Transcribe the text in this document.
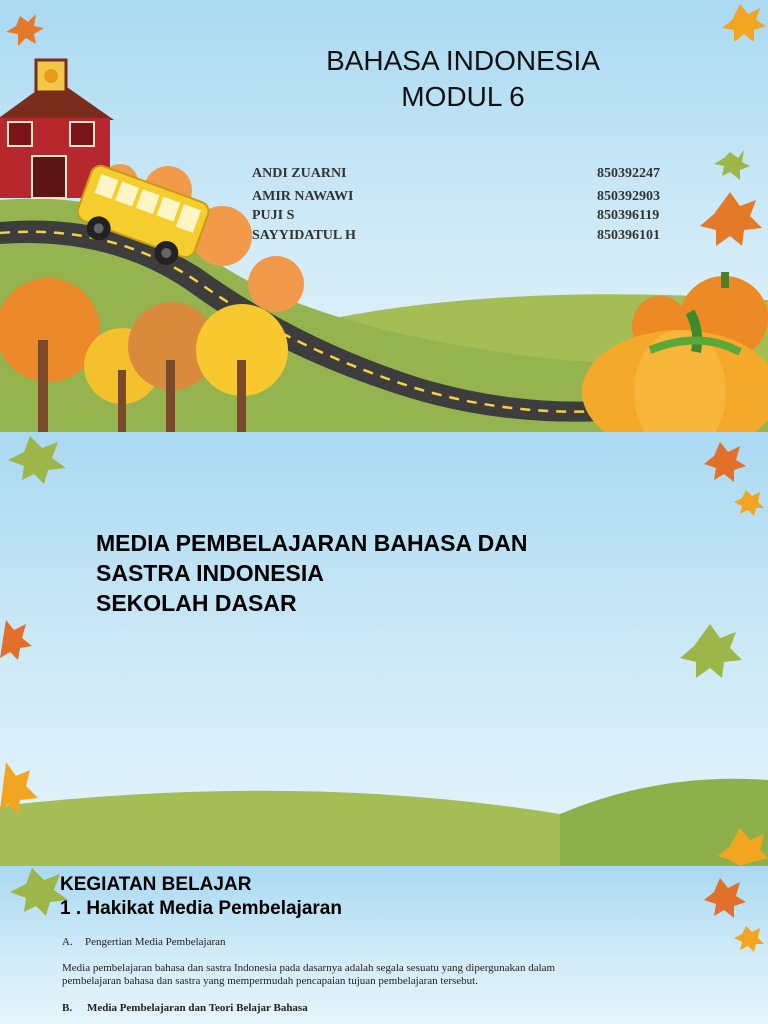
BAHASA INDONESIA
MODUL 6
ANDI ZUARNI	850392247
AMIR NAWAWI	850392903
PUJI S	850396119
SAYYIDATUL H	850396101
MEDIA PEMBELAJARAN BAHASA DAN
SASTRA INDONESIA
SEKOLAH DASAR
KEGIATAN BELAJAR
1 . Hakikat Media Pembelajaran
A. Pengertian Media Pembelajaran
Media pembelajaran bahasa dan sastra Indonesia pada dasarnya adalah segala sesuatu yang dipergunakan dalam
pembelajaran bahasa dan sastra yang mempermudah pencapaian tujuan pembelajaran tersebut.
B. Media Pembelajaran dan Teori Belajar Bahasa
